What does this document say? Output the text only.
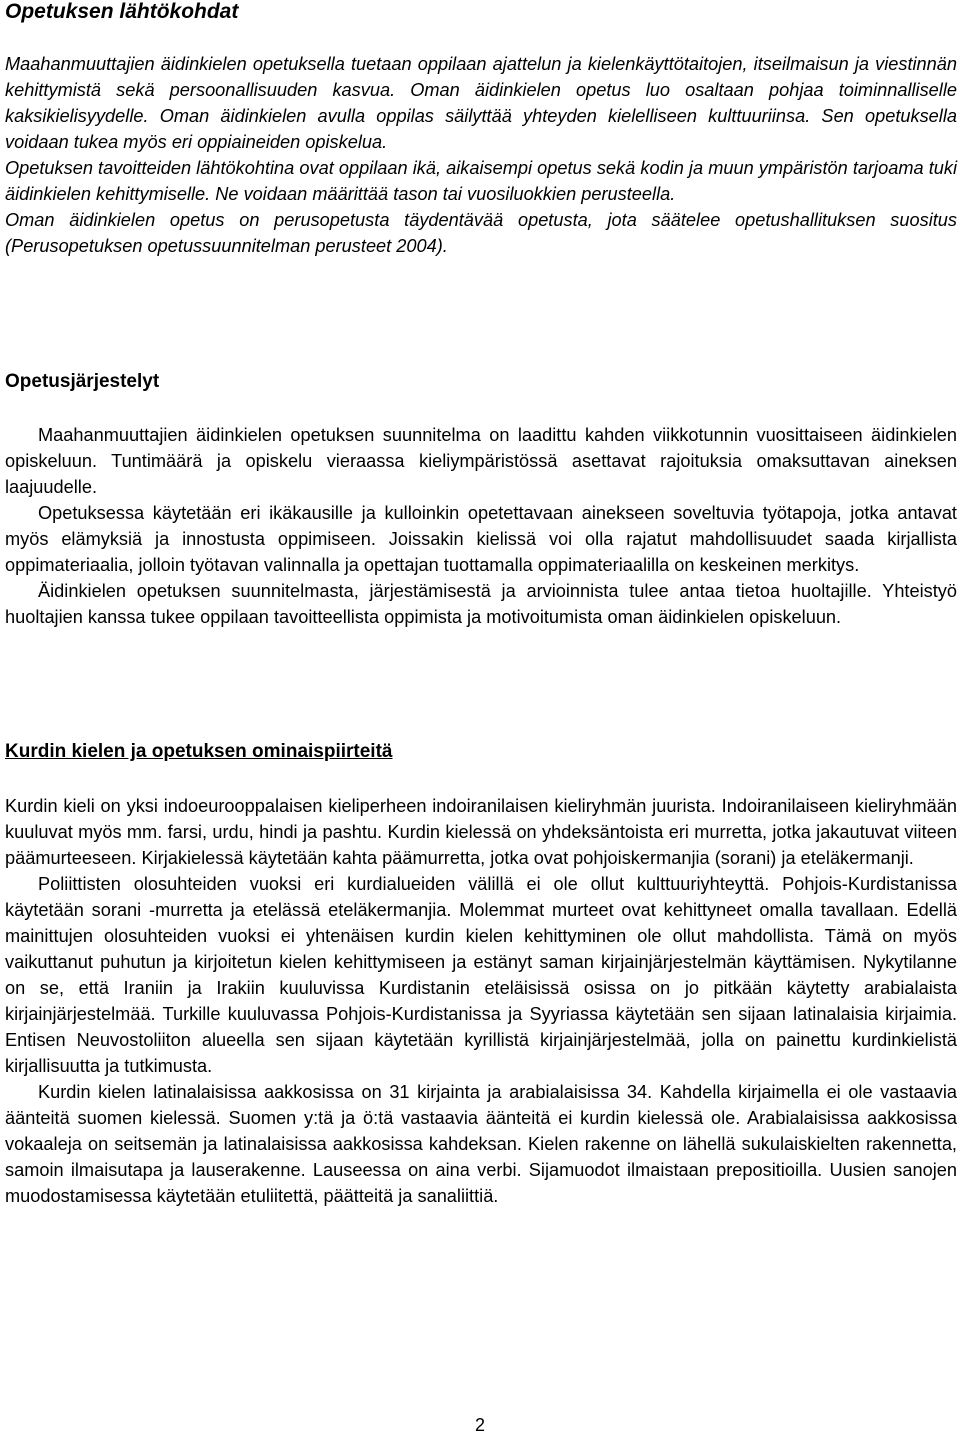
Opetuksen lähtökohdat

Maahanmuuttajien äidinkielen opetuksella tuetaan oppilaan ajattelun ja kielenkäyttötaitojen, itseilmaisun ja viestinnän kehittymistä sekä persoonallisuuden kasvua. Oman äidinkielen opetus luo osaltaan pohjaa toiminnalliselle kaksikielisyydelle. Oman äidinkielen avulla oppilas säilyttää yhteyden kielelliseen kulttuuriinsa. Sen opetuksella voidaan tukea myös eri oppiaineiden opiskelua.

Opetuksen tavoitteiden lähtökohtina ovat oppilaan ikä, aikaisempi opetus sekä kodin ja muun ympäristön tarjoama tuki äidinkielen kehittymiselle. Ne voidaan määrittää tason tai vuosiluokkien perusteella.

Oman äidinkielen opetus on perusopetusta täydentävää opetusta, jota säätelee opetushallituksen suositus (Perusopetuksen opetussuunnitelman perusteet 2004).

Opetusjärjestelyt

Maahanmuuttajien äidinkielen opetuksen suunnitelma on laadittu kahden viikkotunnin vuosittaiseen äidinkielen opiskeluun. Tuntimäärä ja opiskelu vieraassa kieliympäristössä asettavat rajoituksia omaksuttavan aineksen laajuudelle.

Opetuksessa käytetään eri ikäkausille ja kulloinkin opetettavaan ainekseen soveltuvia työtapoja, jotka antavat myös elämyksiä ja innostusta oppimiseen. Joissakin kielissä voi olla rajatut mahdollisuudet saada kirjallista oppimateriaalia, jolloin työtavan valinnalla ja opettajan tuottamalla oppimateriaalilla on keskeinen merkitys.

Äidinkielen opetuksen suunnitelmasta, järjestämisestä ja arvioinnista tulee antaa tietoa huoltajille. Yhteistyö huoltajien kanssa tukee oppilaan tavoitteellista oppimista ja motivoitumista oman äidinkielen opiskeluun.

Kurdin kielen ja opetuksen ominaispiirteitä

Kurdin kieli on yksi indoeurooppalaisen kieliperheen indoiranilaisen kieliryhmän juurista. Indoiranilaiseen kieliryhmään kuuluvat myös mm. farsi, urdu, hindi ja pashtu. Kurdin kielessä on yhdeksäntoista eri murretta, jotka jakautuvat viiteen päämurteeseen. Kirjakielessä käytetään kahta päämurretta, jotka ovat pohjoiskermanjia (sorani) ja eteläkermanji.

Poliittisten olosuhteiden vuoksi eri kurdialueiden välillä ei ole ollut kulttuuriyhteyttä. Pohjois-Kurdistanissa käytetään sorani -murretta ja etelässä eteläkermanjia. Molemmat murteet ovat kehittyneet omalla tavallaan. Edellä mainittujen olosuhteiden vuoksi ei yhtenäisen kurdin kielen kehittyminen ole ollut mahdollista. Tämä on myös vaikuttanut puhutun ja kirjoitetun kielen kehittymiseen ja estänyt saman kirjainjärjestelmän käyttämisen. Nykytilanne on se, että Iraniin ja Irakiin kuuluvissa Kurdistanin eteläisissä osissa on jo pitkään käytetty arabialaista kirjainjärjestelmää. Turkille kuuluvassa Pohjois-Kurdistanissa ja Syyriassa käytetään sen sijaan latinalaisia kirjaimia. Entisen Neuvostoliiton alueella sen sijaan käytetään kyrillistä kirjainjärjestelmää, jolla on painettu kurdinkielistä kirjallisuutta ja tutkimusta.

Kurdin kielen latinalaisissa aakkosissa on 31 kirjainta ja arabialaisissa 34. Kahdella kirjaimella ei ole vastaavia äänteitä suomen kielessä. Suomen y:tä ja ö:tä vastaavia äänteitä ei kurdin kielessä ole. Arabialaisissa aakkosissa vokaaleja on seitsemän ja latinalaisissa aakkosissa kahdeksan. Kielen rakenne on lähellä sukulaiskielten rakennetta, samoin ilmaisutapa ja lauserakenne. Lauseessa on aina verbi. Sijamuodot ilmaistaan prepositioilla. Uusien sanojen muodostamisessa käytetään etuliitettä, päätteitä ja sanaliittiä.

2
